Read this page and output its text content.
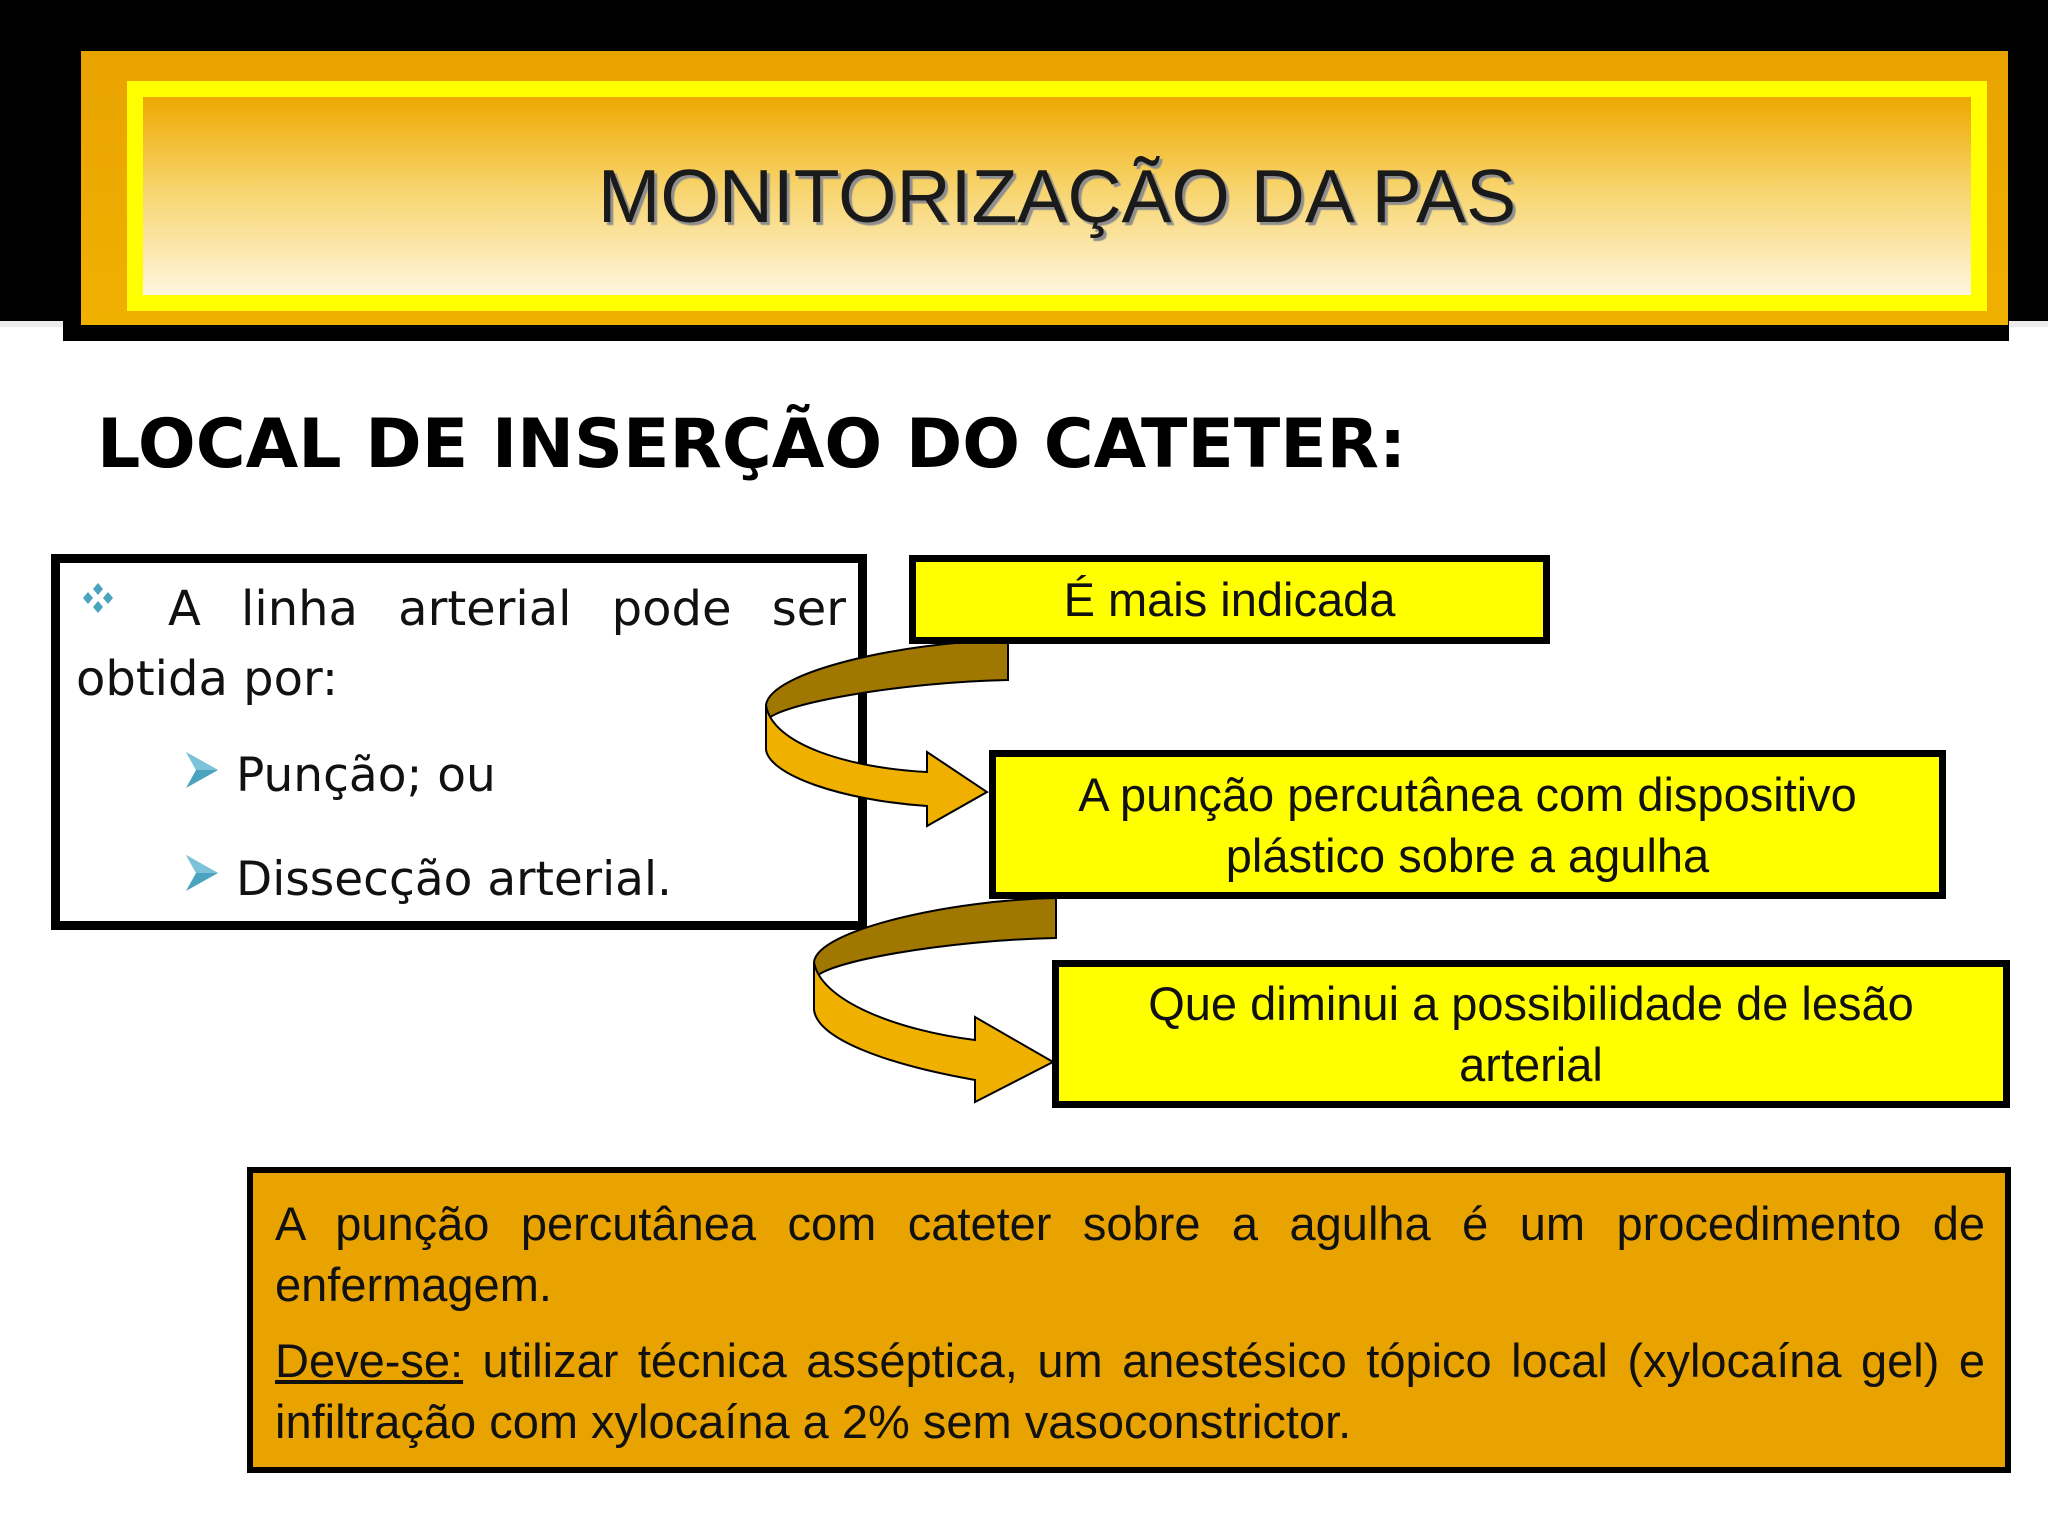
MONITORIZAÇÃO DA PAS
LOCAL DE INSERÇÃO DO CATETER:
A linha arterial pode ser
obtida por:
Punção; ou
Dissecção arterial.
É mais indicada
A punção percutânea com dispositivo
plástico sobre a agulha
Que diminui a possibilidade de lesão
arterial

A punção percutânea com cateter sobre a agulha é um procedimento de enfermagem.

Deve-se: utilizar técnica asséptica, um anestésico tópico local (xylocaína gel) e infiltração com xylocaína a 2% sem vasoconstrictor.
